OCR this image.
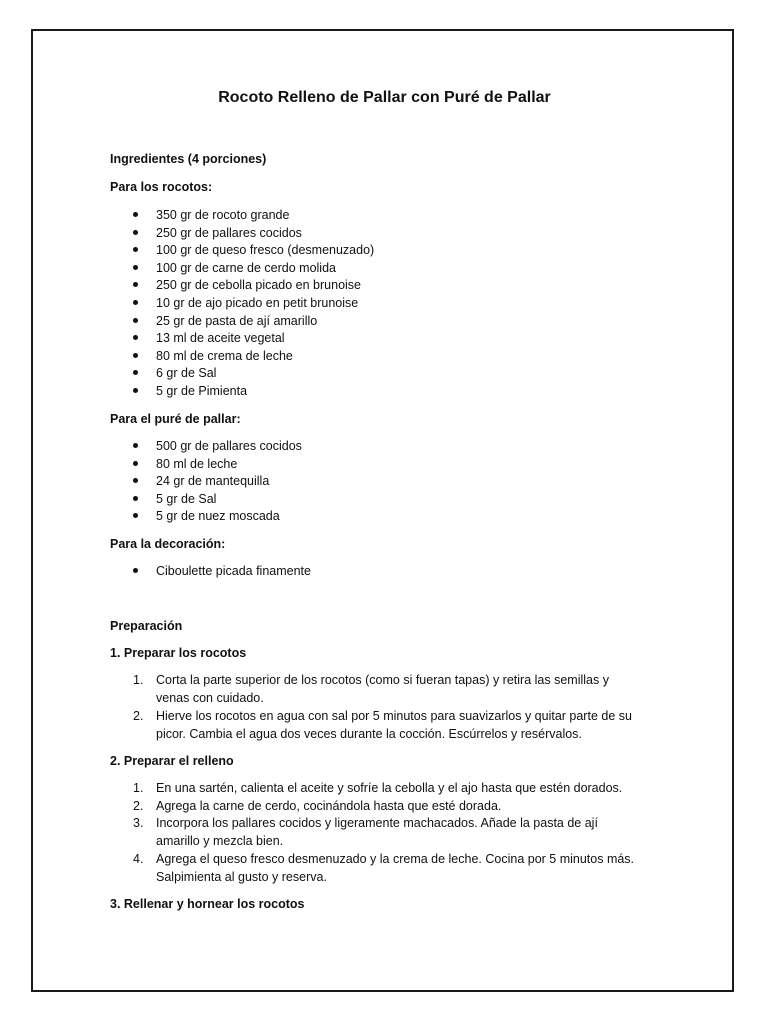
Rocoto Relleno de Pallar con Puré de Pallar
Ingredientes (4 porciones)
Para los rocotos:
350 gr de rocoto grande
250 gr de pallares cocidos
100 gr de queso fresco (desmenuzado)
100 gr de carne de cerdo molida
250 gr de cebolla picado en brunoise
10 gr de ajo picado en petit brunoise
25 gr de pasta de ají amarillo
13 ml de aceite vegetal
80 ml de crema de leche
6 gr de Sal
5 gr de Pimienta
Para el puré de pallar:
500 gr de pallares cocidos
80 ml de leche
24 gr de mantequilla
5 gr de Sal
5 gr de nuez moscada
Para la decoración:
Ciboulette picada finamente
Preparación
1. Preparar los rocotos
1. Corta la parte superior de los rocotos (como si fueran tapas) y retira las semillas y
venas con cuidado.
2. Hierve los rocotos en agua con sal por 5 minutos para suavizarlos y quitar parte de su
picor. Cambia el agua dos veces durante la cocción. Escúrrelos y resérvalos.
2. Preparar el relleno
1. En una sartén, calienta el aceite y sofríe la cebolla y el ajo hasta que estén dorados.
2. Agrega la carne de cerdo, cocinándola hasta que esté dorada.
3. Incorpora los pallares cocidos y ligeramente machacados. Añade la pasta de ají
amarillo y mezcla bien.
4. Agrega el queso fresco desmenuzado y la crema de leche. Cocina por 5 minutos más.
Salpimienta al gusto y reserva.
3. Rellenar y hornear los rocotos
